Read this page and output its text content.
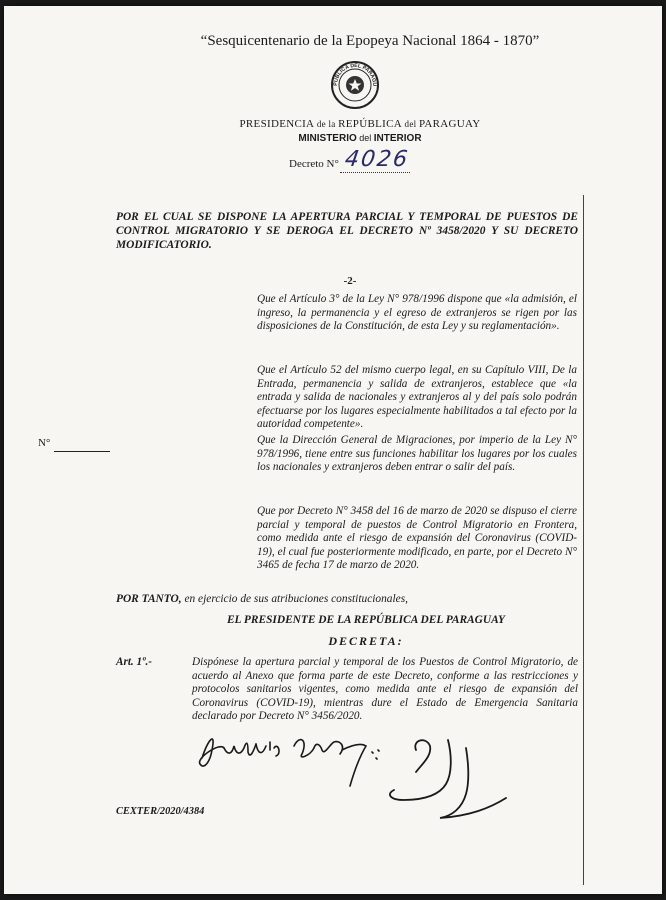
“Sesquicentenario de la Epopeya Nacional 1864 - 1870”
PUBLICA DEL PARAGU
PRESIDENCIA de la REPÚBLICA del PARAGUAY
MINISTERIO del INTERIOR
Decreto N° 4026
POR EL CUAL SE DISPONE LA APERTURA PARCIAL Y TEMPORAL DE PUESTOS DE CONTROL MIGRATORIO Y SE DEROGA EL DECRETO Nº 3458/2020 Y SU DECRETO MODIFICATORIO.
-2-
Que el Artículo 3° de la Ley N° 978/1996 dispone que «la admisión, el ingreso, la permanencia y el egreso de extranjeros se rigen por las disposiciones de la Constitución, de esta Ley y su reglamentación».
Que el Artículo 52 del mismo cuerpo legal, en su Capítulo VIII, De la Entrada, permanencia y salida de extranjeros, establece que «la entrada y salida de nacionales y extranjeros al y del país solo podrán efectuarse por los lugares especialmente habilitados a tal efecto por la autoridad competente».
Que la Dirección General de Migraciones, por imperio de la Ley N° 978/1996, tiene entre sus funciones habilitar los lugares por los cuales los nacionales y extranjeros deben entrar o salir del país.
Que por Decreto N° 3458 del 16 de marzo de 2020 se dispuso el cierre parcial y temporal de puestos de Control Migratorio en Frontera, como medida ante el riesgo de expansión del Coronavirus (COVID-19), el cual fue posteriormente modificado, en parte, por el Decreto N° 3465 de fecha 17 de marzo de 2020.
N°
POR TANTO, en ejercicio de sus atribuciones constitucionales,
EL PRESIDENTE DE LA REPÚBLICA DEL PARAGUAY
DECRETA:
Art. 1º.-	Dispónese la apertura parcial y temporal de los Puestos de Control Migratorio, de acuerdo al Anexo que forma parte de este Decreto, conforme a las restricciones y protocolos sanitarios vigentes, como medida ante el riesgo de expansión del Coronavirus (COVID-19), mientras dure el Estado de Emergencia Sanitaria declarado por Decreto N° 3456/2020.
CEXTER/2020/4384
